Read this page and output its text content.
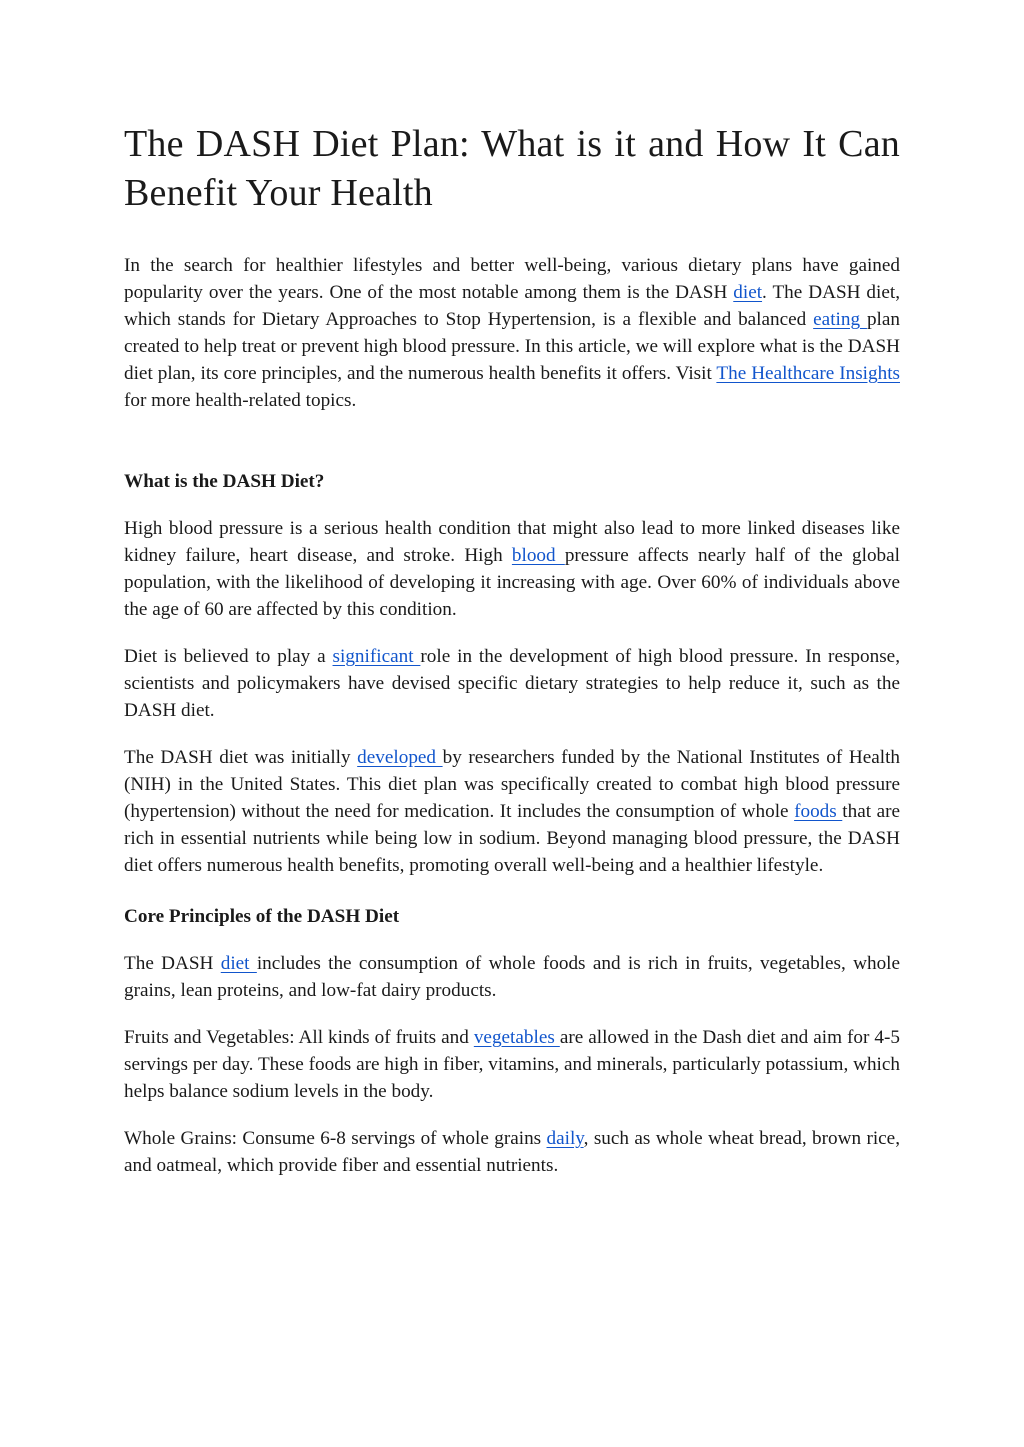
The DASH Diet Plan: What is it and How It Can Benefit Your Health

In the search for healthier lifestyles and better well-being, various dietary plans have gained popularity over the years. One of the most notable among them is the DASH diet. The DASH diet, which stands for Dietary Approaches to Stop Hypertension, is a flexible and balanced eating plan created to help treat or prevent high blood pressure. In this article, we will explore what is the DASH diet plan, its core principles, and the numerous health benefits it offers. Visit The Healthcare Insights for more health-related topics.

What is the DASH Diet?

High blood pressure is a serious health condition that might also lead to more linked diseases like kidney failure, heart disease, and stroke. High blood pressure affects nearly half of the global population, with the likelihood of developing it increasing with age. Over 60% of individuals above the age of 60 are affected by this condition.

Diet is believed to play a significant role in the development of high blood pressure. In response, scientists and policymakers have devised specific dietary strategies to help reduce it, such as the DASH diet.

The DASH diet was initially developed by researchers funded by the National Institutes of Health (NIH) in the United States. This diet plan was specifically created to combat high blood pressure (hypertension) without the need for medication. It includes the consumption of whole foods that are rich in essential nutrients while being low in sodium. Beyond managing blood pressure, the DASH diet offers numerous health benefits, promoting overall well-being and a healthier lifestyle.

Core Principles of the DASH Diet

The DASH diet includes the consumption of whole foods and is rich in fruits, vegetables, whole grains, lean proteins, and low-fat dairy products.

Fruits and Vegetables: All kinds of fruits and vegetables are allowed in the Dash diet and aim for 4-5 servings per day. These foods are high in fiber, vitamins, and minerals, particularly potassium, which helps balance sodium levels in the body.

Whole Grains: Consume 6-8 servings of whole grains daily, such as whole wheat bread, brown rice, and oatmeal, which provide fiber and essential nutrients.
